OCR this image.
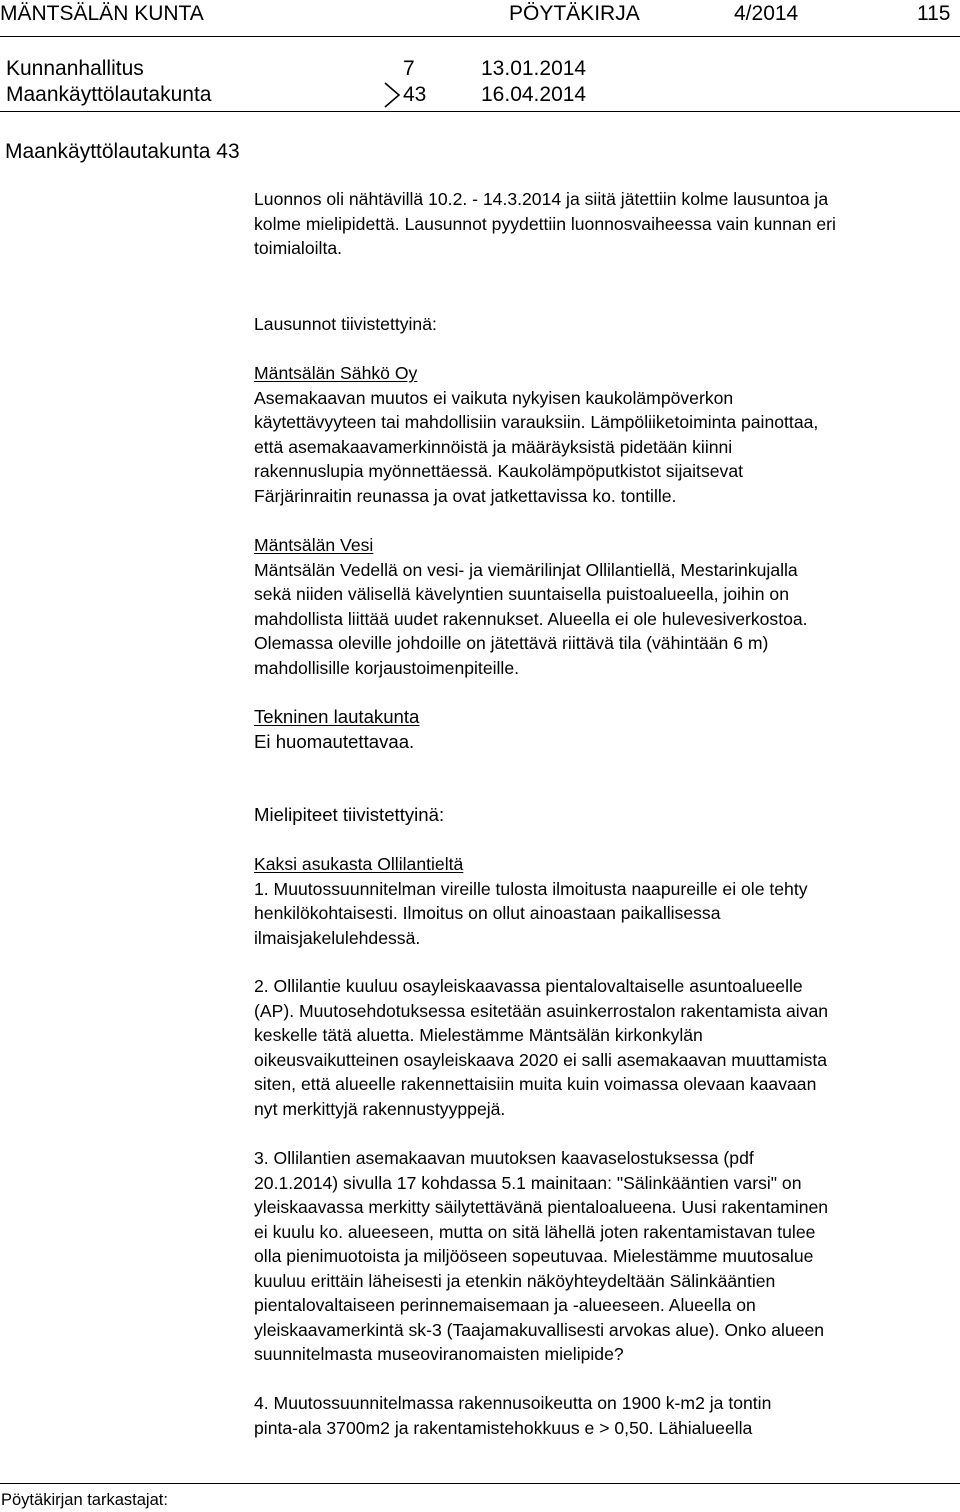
MÄNTSÄLÄN KUNTA	PÖYTÄKIRJA	4/2014	115
Kunnanhallitus	7	13.01.2014
Maankäyttölautakunta	43	16.04.2014
Maankäyttölautakunta 43
Luonnos oli nähtävillä 10.2. - 14.3.2014 ja siitä jätettiin kolme lausuntoa ja
kolme mielipidettä. Lausunnot pyydettiin luonnosvaiheessa vain kunnan eri
toimialoilta.
Lausunnot tiivistettyinä:
Mäntsälän Sähkö Oy
Asemakaavan muutos ei vaikuta nykyisen kaukolämpöverkon
käytettävyyteen tai mahdollisiin varauksiin. Lämpöliiketoiminta painottaa,
että asemakaavamerkinnöistä ja määräyksistä pidetään kiinni
rakennuslupia myönnettäessä. Kaukolämpöputkistot sijaitsevat
Färjärinraitin reunassa ja ovat jatkettavissa ko. tontille.
Mäntsälän Vesi
Mäntsälän Vedellä on vesi- ja viemärilinjat Ollilantiellä, Mestarinkujalla
sekä niiden välisellä kävelyntien suuntaisella puistoalueella, joihin on
mahdollista liittää uudet rakennukset. Alueella ei ole hulevesiverkostoa.
Olemassa oleville johdoille on jätettävä riittävä tila (vähintään 6 m)
mahdollisille korjaustoimenpiteille.
Tekninen lautakunta
Ei huomautettavaa.
Mielipiteet tiivistettyinä:
Kaksi asukasta Ollilantieltä
1. Muutossuunnitelman vireille tulosta ilmoitusta naapureille ei ole tehty
henkilökohtaisesti. Ilmoitus on ollut ainoastaan paikallisessa
ilmaisjakelulehdessä.
2. Ollilantie kuuluu osayleiskaavassa pientalovaltaiselle asuntoalueelle
(AP). Muutosehdotuksessa esitetään asuinkerrostalon rakentamista aivan
keskelle tätä aluetta. Mielestämme Mäntsälän kirkonkylän
oikeusvaikutteinen osayleiskaava 2020 ei salli asemakaavan muuttamista
siten, että alueelle rakennettaisiin muita kuin voimassa olevaan kaavaan
nyt merkittyjä rakennustyyppejä.
3. Ollilantien asemakaavan muutoksen kaavaselostuksessa (pdf
20.1.2014) sivulla 17 kohdassa 5.1 mainitaan: "Sälinkääntien varsi" on
yleiskaavassa merkitty säilytettävänä pientaloalueena. Uusi rakentaminen
ei kuulu ko. alueeseen, mutta on sitä lähellä joten rakentamistavan tulee
olla pienimuotoista ja miljööseen sopeutuvaa. Mielestämme muutosalue
kuuluu erittäin läheisesti ja etenkin näköyhteydeltään Sälinkääntien
pientalovaltaiseen perinnemaisemaan ja -alueeseen. Alueella on
yleiskaavamerkintä sk-3 (Taajamakuvallisesti arvokas alue). Onko alueen
suunnitelmasta museoviranomaisten mielipide?
4. Muutossuunnitelmassa rakennusoikeutta on 1900 k-m2 ja tontin
pinta-ala 3700m2 ja rakentamistehokkuus e > 0,50. Lähialueella
Pöytäkirjan tarkastajat:
